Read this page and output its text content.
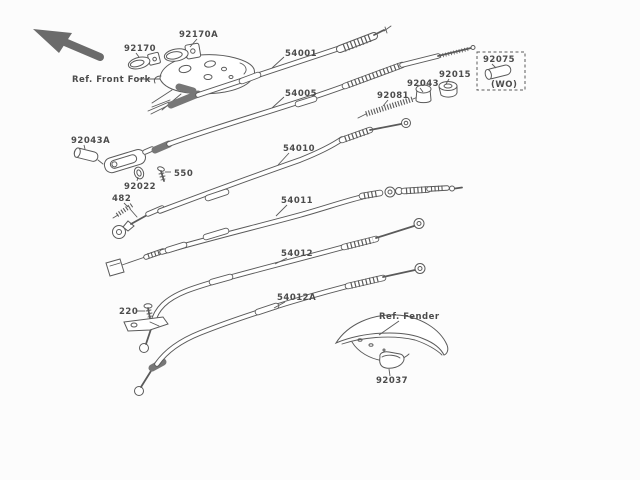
92170A
92170
Ref. Front Fork
54001
54005	92081
92043
92015
92075
(WO)
92043A
92022
550
482
54010
54011
54012
54012A
220	Ref. Fender
92037
